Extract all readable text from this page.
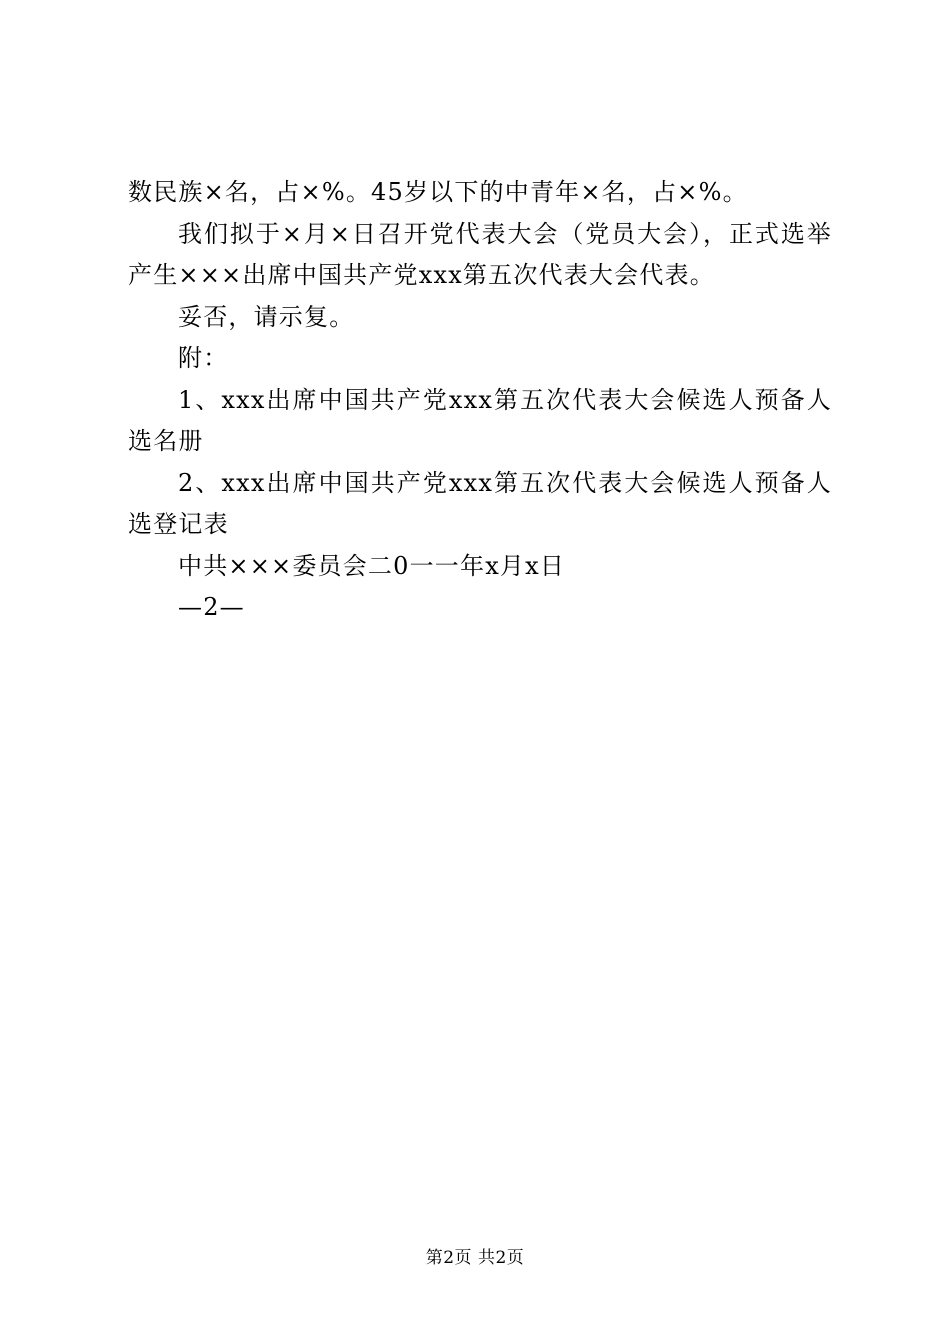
数民族×名，占×%。45岁以下的中青年×名，占×%。

我们拟于×月×日召开党代表大会（党员大会），正式选举产生×××出席中国共产党xxx第五次代表大会代表。

妥否，请示复。

附：

1、xxx出席中国共产党xxx第五次代表大会候选人预备人选名册

2、xxx出席中国共产党xxx第五次代表大会候选人预备人选登记表

中共×××委员会二0一一年x月x日

—2—

第2页 共2页
